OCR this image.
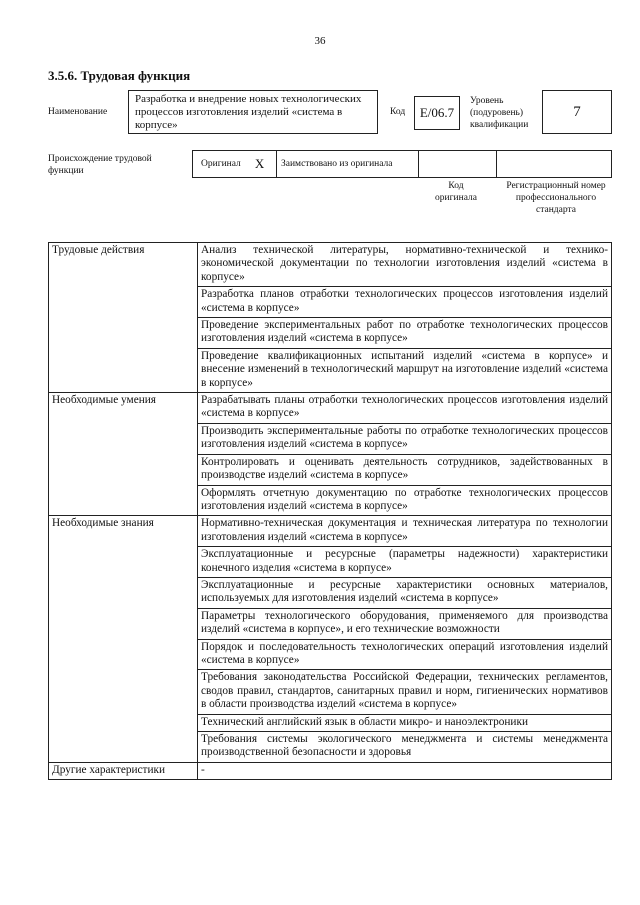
36
3.5.6. Трудовая функция
Наименование
Разработка и внедрение новых технологических процессов изготовления изделий «система в корпусе»
Код	Е/06.7
Уровень (подуровень) квалификации
7
Происхождение трудовой функции
Оригинал X	Заимствовано из оригинала
Код оригинала
Регистрационный номер профессионального стандарта
Трудовые действия	Анализ технической литературы, нормативно-технической и технико-экономической документации по технологии изготовления изделий «система в корпусе»
	Разработка планов отработки технологических процессов изготовления изделий «система в корпусе»
	Проведение экспериментальных работ по отработке технологических процессов изготовления изделий «система в корпусе»
	Проведение квалификационных испытаний изделий «система в корпусе» и внесение изменений в технологический маршрут на изготовление изделий «система в корпусе»
Необходимые умения	Разрабатывать планы отработки технологических процессов изготовления изделий «система в корпусе»
	Производить экспериментальные работы по отработке технологических процессов изготовления изделий «система в корпусе»
	Контролировать и оценивать деятельность сотрудников, задействованных в производстве изделий «система в корпусе»
	Оформлять отчетную документацию по отработке технологических процессов изготовления изделий «система в корпусе»
Необходимые знания	Нормативно-техническая документация и техническая литература по технологии изготовления изделий «система в корпусе»
	Эксплуатационные и ресурсные (параметры надежности) характеристики конечного изделия «система в корпусе»
	Эксплуатационные и ресурсные характеристики основных материалов, используемых для изготовления изделий «система в корпусе»
	Параметры технологического оборудования, применяемого для производства изделий «система в корпусе», и его технические возможности
	Порядок и последовательность технологических операций изготовления изделий «система в корпусе»
	Требования законодательства Российской Федерации, технических регламентов, сводов правил, стандартов, санитарных правил и норм, гигиенических нормативов в области производства изделий «система в корпусе»
	Технический английский язык в области микро- и наноэлектроники
	Требования системы экологического менеджмента и системы менеджмента производственной безопасности и здоровья
Другие характеристики	-
